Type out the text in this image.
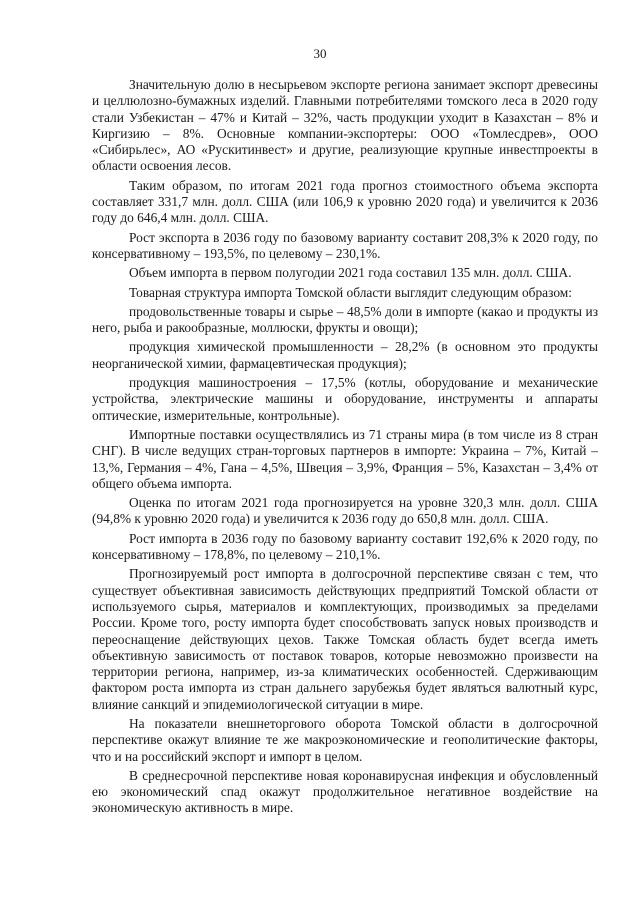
30

Значительную долю в несырьевом экспорте региона занимает экспорт древесины и целлюлозно-бумажных изделий. Главными потребителями томского леса в 2020 году стали Узбекистан – 47% и Китай – 32%, часть продукции уходит в Казахстан – 8% и Киргизию – 8%. Основные компании-экспортеры: ООО «Томлесдрев», ООО «Сибирьлес», АО «Рускитинвест» и другие, реализующие крупные инвестпроекты в области освоения лесов.

Таким образом, по итогам 2021 года прогноз стоимостного объема экспорта составляет 331,7 млн. долл. США (или 106,9 к уровню 2020 года) и увеличится к 2036 году до 646,4 млн. долл. США.

Рост экспорта в 2036 году по базовому варианту составит 208,3% к 2020 году, по консервативному – 193,5%, по целевому – 230,1%.

Объем импорта в первом полугодии 2021 года составил 135 млн. долл. США.

Товарная структура импорта Томской области выглядит следующим образом:

продовольственные товары и сырье – 48,5% доли в импорте (какао и продукты из него, рыба и ракообразные, моллюски, фрукты и овощи);

продукция химической промышленности – 28,2% (в основном это продукты неорганической химии, фармацевтическая продукция);

продукция машиностроения – 17,5% (котлы, оборудование и механические устройства, электрические машины и оборудование, инструменты и аппараты оптические, измерительные, контрольные).

Импортные поставки осуществлялись из 71 страны мира (в том числе из 8 стран СНГ). В числе ведущих стран-торговых партнеров в импорте: Украина – 7%, Китай – 13,%, Германия – 4%, Гана – 4,5%, Швеция – 3,9%, Франция – 5%, Казахстан – 3,4% от общего объема импорта.

Оценка по итогам 2021 года прогнозируется на уровне 320,3 млн. долл. США (94,8% к уровню 2020 года) и увеличится к 2036 году до 650,8 млн. долл. США.

Рост импорта в 2036 году по базовому варианту составит 192,6% к 2020 году, по консервативному – 178,8%, по целевому – 210,1%.

Прогнозируемый рост импорта в долгосрочной перспективе связан с тем, что существует объективная зависимость действующих предприятий Томской области от используемого сырья, материалов и комплектующих, производимых за пределами России. Кроме того, росту импорта будет способствовать запуск новых производств и переоснащение действующих цехов. Также Томская область будет всегда иметь объективную зависимость от поставок товаров, которые невозможно произвести на территории региона, например, из-за климатических особенностей. Сдерживающим фактором роста импорта из стран дальнего зарубежья будет являться валютный курс, влияние санкций и эпидемиологической ситуации в мире.

На показатели внешнеторгового оборота Томской области в долгосрочной перспективе окажут влияние те же макроэкономические и геополитические факторы, что и на российский экспорт и импорт в целом.

В среднесрочной перспективе новая коронавирусная инфекция и обусловленный ею экономический спад окажут продолжительное негативное воздействие на экономическую активность в мире.
